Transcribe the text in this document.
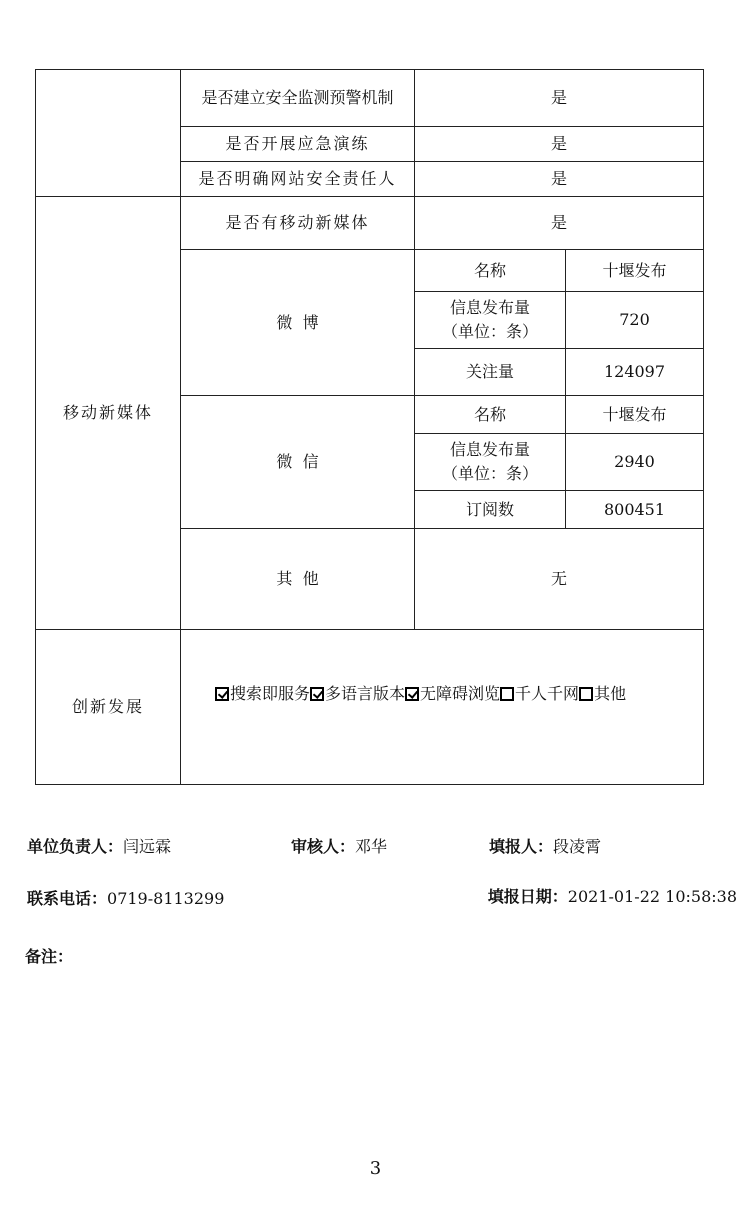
	是否建立安全监测预警机制	是	
	是否开展应急演练	是	
	是否明确网站安全责任人	是	
移动新媒体	是否有移动新媒体	是	
	微  博	名称	十堰发布
		信息发布量（单位：条）	720
		关注量	124097
	微  信	名称	十堰发布
		信息发布量（单位：条）	2940
		订阅数	800451
	其  他	无	
创新发展	搜索即服务 多语言版本 无障碍浏览 千人千网 其他		
单位负责人：闫远霖	审核人：邓华	填报人：段凌霄
联系电话：0719-8113299	填报日期：2021-01-22 10:58:38
备注：
3
